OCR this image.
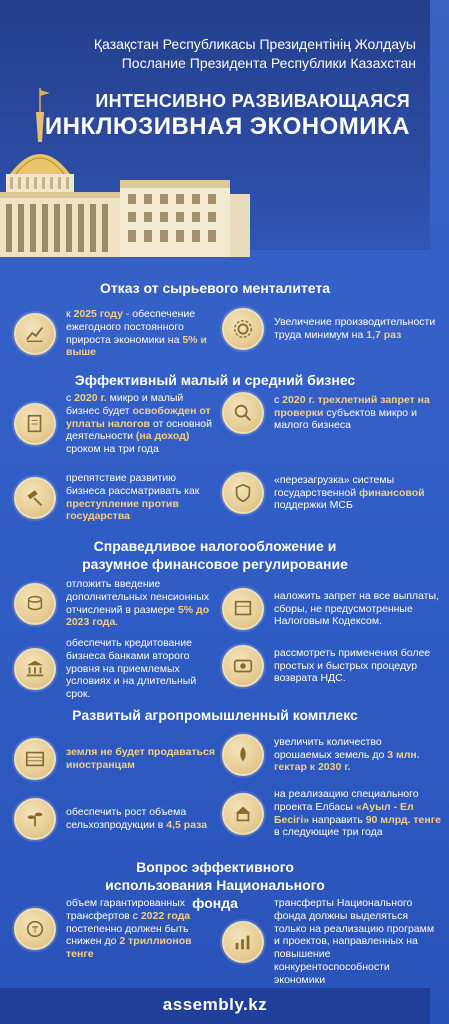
Қазақстан Республикасы Президентінің Жолдауы
Послание Президента Республики Казахстан
ИНТЕНСИВНО РАЗВИВАЮЩАЯСЯ
ИНКЛЮЗИВНАЯ ЭКОНОМИКА
Отказ от сырьевого менталитета
Эффективный малый и средний бизнес
Справедливое налогообложение и разумное финансовое регулирование
Развитый агропромышленный комплекс
Вопрос эффективного использования Национального фонда
к 2025 году - обеспечение ежегодного постоянного прироста экономики на 5% и выше
Увеличение производительности труда минимум на 1,7 раз
с 2020 г. микро и малый бизнес будет освобожден от уплаты налогов от основной деятельности (на доход) сроком на три года
с 2020 г. трехлетний запрет на проверки субъектов микро и малого бизнеса
препятствие развитию бизнеса рассматривать как преступление против государства
«перезагрузка» системы государственной финансовой поддержки МСБ
отложить введение дополнительных пенсионных отчислений в размере 5% до 2023 года.
наложить запрет на все выплаты, сборы, не предусмотренные Налоговым Кодексом.
обеспечить кредитование бизнеса банками второго уровня на приемлемых условиях и на длительный срок.
рассмотреть применения более простых и быстрых процедур возврата НДС.
земля не будет продаваться иностранцам
увеличить количество орошаемых земель до 3 млн. гектар к 2030 г.
обеспечить рост объема сельхозпродукции в 4,5 раза
на реализацию специального проекта Елбасы «Ауыл - Ел Бесігі» направить 90 млрд. тенге в следующие три года
₸
объем гарантированных трансфертов с 2022 года постепенно должен быть снижен до 2 триллионов тенге
трансферты Национального фонда должны выделяться только на реализацию программ и проектов, направленных на повышение конкурентоспособности экономики
assembly.kz
